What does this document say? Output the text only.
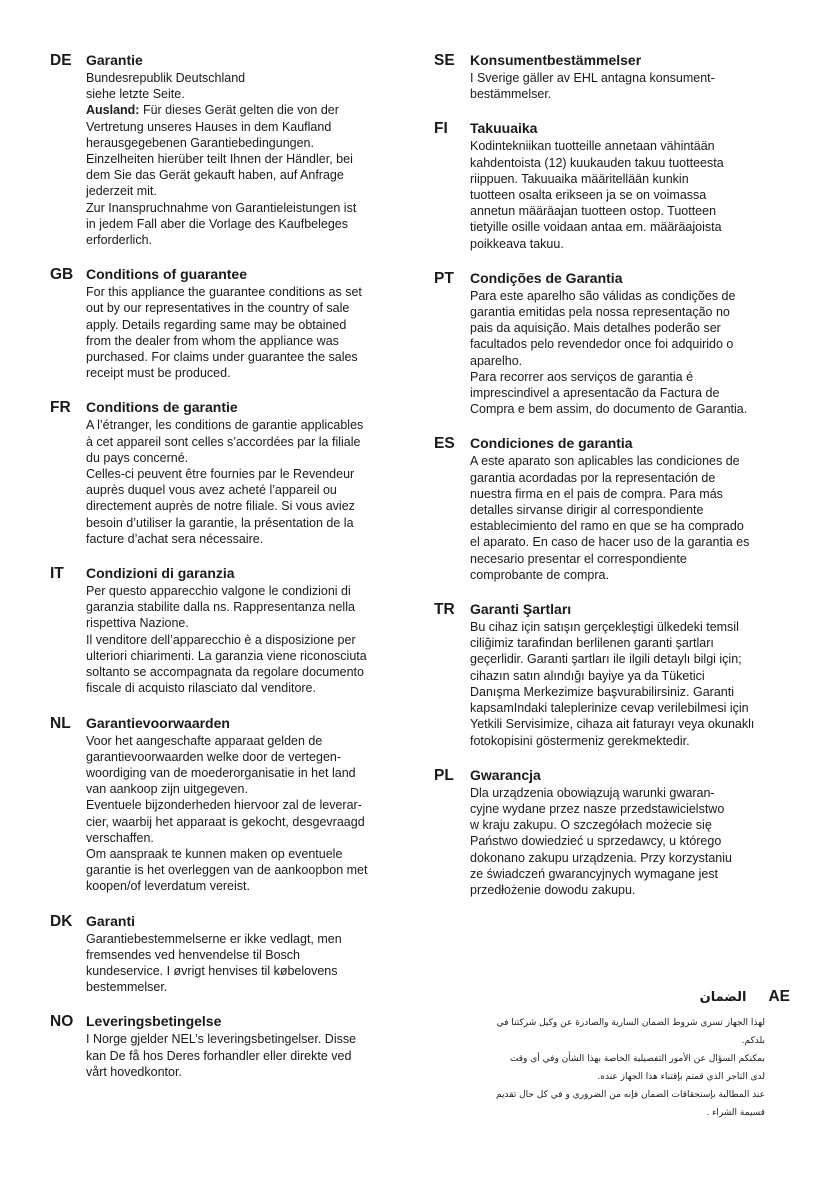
DE	Garantie

Bundesrepublik Deutschland
siehe letzte Seite.

Ausland: Für dieses Gerät gelten die von der
Vertretung unseres Hauses in dem Kaufland
herausgegebenen Garantiebedingungen.
Einzelheiten hierüber teilt Ihnen der Händler, bei
dem Sie das Gerät gekauft haben, auf Anfrage
jederzeit mit.

Zur Inanspruchnahme von Garantieleistungen ist
in jedem Fall aber die Vorlage des Kaufbeleges
erforderlich.

GB Conditions of guarantee

For this appliance the guarantee conditions as set
out by our representatives in the country of sale
apply. Details regarding same may be obtained
from the dealer from whom the appliance was
purchased. For claims under guarantee the sales
receipt must be produced.

FR	Conditions de garantie

A l’étranger, les conditions de garantie applicables
à cet appareil sont celles s’accordées par la filiale
du pays concerné.

Celles-ci peuvent être fournies par le Revendeur
auprès duquel vous avez acheté l’appareil ou
directement auprès de notre filiale. Si vous aviez
besoin d’utiliser la garantie, la présentation de la
facture d’achat sera nécessaire.

IT	Condizioni di garanzia

Per questo apparecchio valgone le condizioni di
garanzia stabilite dalla ns. Rappresentanza nella
rispettiva Nazione.

Il venditore dell’apparecchio è a disposizione per
ulteriori chiarimenti. La garanzia viene riconosciuta
soltanto se accompagnata da regolare documento
fiscale di acquisto rilasciato dal venditore.

NL	Garantievoorwaarden

Voor het aangeschafte apparaat gelden de
garantievoorwaarden welke door de vertegen-
woordiging van de moederorganisatie in het land
van aankoop zijn uitgegeven.

Eventuele bijzonderheden hiervoor zal de leverar-
cier, waarbij het apparaat is gekocht, desgevraagd
verschaffen.

Om aanspraak te kunnen maken op eventuele
garantie is het overleggen van de aankoopbon met
koopen/of leverdatum vereist.

DK Garanti

Garantiebestemmelserne er ikke vedlagt, men
fremsendes ved henvendelse til Bosch
kundeservice. I øvrigt henvises til købelovens
bestemmelser.

NO Leveringsbetingelse

I Norge gjelder NEL’s leveringsbetingelser. Disse
kan De få hos Deres forhandler eller direkte ved
vårt hovedkontor.

SE	Konsumentbestämmelser

I Sverige gäller av EHL antagna konsument-
bestämmelser.

FI	Takuuaika

Kodintekniikan tuotteille annetaan vähintään
kahdentoista (12) kuukauden takuu tuotteesta
riippuen. Takuuaika määritellään kunkin
tuotteen osalta erikseen ja se on voimassa
annetun määräajan tuotteen ostop. Tuotteen
tietyille osille voidaan antaa em. määräajoista
poikkeava takuu.

PT	Condições de Garantia

Para este aparelho são válidas as condições de
garantia emitidas pela nossa representação no
pais da aquisição. Mais detalhes poderão ser
facultados pelo revendedor once foi adquirido o
aparelho.

Para recorrer aos serviços de garantia é
imprescindivel a apresentacão da Factura de
Compra e bem assim, do documento de Garantia.

ES	Condiciones de garantia

A este aparato son aplicables las condiciones de
garantia acordadas por la representación de
nuestra firma en el pais de compra. Para más
detalles sirvanse dirigir al correspondiente
establecimiento del ramo en que se ha comprado
el aparato. En caso de hacer uso de la garantia es
necesario presentar el correspondiente
comprobante de compra.

TR	Garanti Şartları

Bu cihaz için satışın gerçekleştigi ülkedeki temsil
ciliğimiz tarafindan berlilenen garanti şartları
geçerlidir. Garanti şartları ile ilgili detaylı bilgi için;
cihazın satın alındığı bayiye ya da Tüketici
Danışma Merkezimize başvurabilirsiniz. Garanti
kapsamIndaki taleplerinize cevap verilebilmesi için
Yetkili Servisimize, cihaza ait faturayı veya okunaklı
fotokopisini göstermeniz gerekmektedir.

PL	Gwarancja

Dla urządzenia obowiązują warunki gwaran-
cyjne wydane przez nasze przedstawicielstwo
w kraju zakupu. O szczegółach możecie się
Państwo dowiedzieć u sprzedawcy, u którego
dokonano zakupu urządzenia. Przy korzystaniu
ze świadczeń gwarancyjnych wymagane jest
przedłożenie dowodu zakupu.

الضمان AE

لهذا الجهاز تسري شروط الضمان السارية والصادرة عن وكيل شركتنا في

بلدكم.

بمكنكم السؤال عن الأمور التفصيلية الخاصة بهذا الشأن وفي أي وقت

لدى التاجر الذي قمتم بإقتناء هذا الجهاز عنده.

عند المطالبة بإستحقاقات الضمان فإنه من الضروري و في كل حال تقديم

قسيمة الشراء .
